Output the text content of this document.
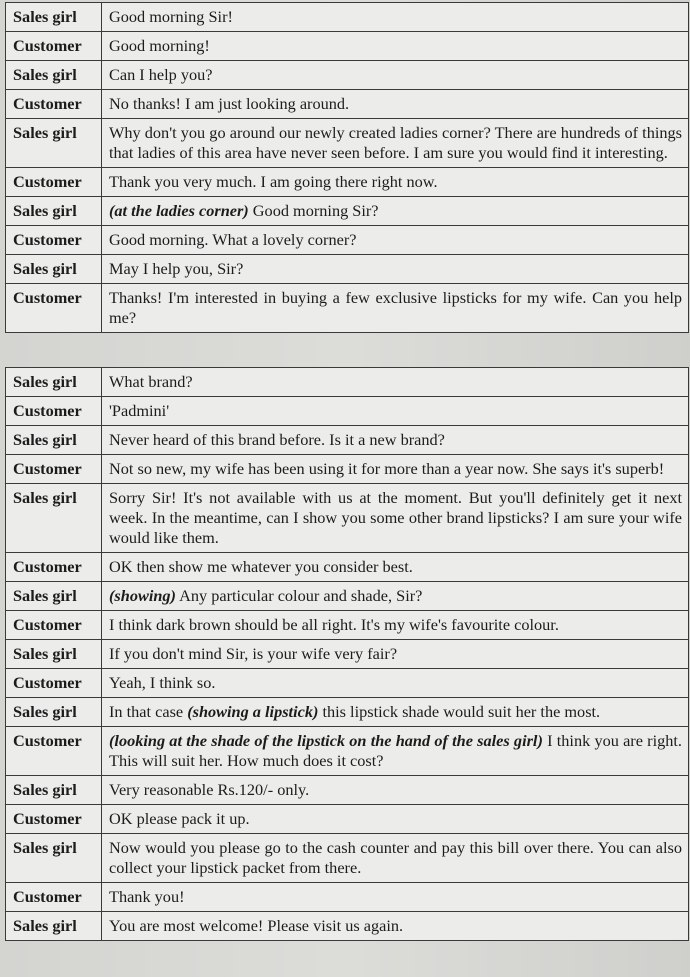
Sales girl	Good morning Sir!
Customer	Good morning!
Sales girl	Can I help you?
Customer	No thanks! I am just looking around.
Sales girl	Why don't you go around our newly created ladies corner? There are hundreds of things that ladies of this area have never seen before. I am sure you would find it interesting.
Customer	Thank you very much. I am going there right now.
Sales girl	(at the ladies corner) Good morning Sir?
Customer	Good morning. What a lovely corner?
Sales girl	May I help you, Sir?
Customer	Thanks! I'm interested in buying a few exclusive lipsticks for my wife. Can you help me?
Sales girl	What brand?
Customer	'Padmini'
Sales girl	Never heard of this brand before. Is it a new brand?
Customer	Not so new, my wife has been using it for more than a year now. She says it's superb!
Sales girl	Sorry Sir! It's not available with us at the moment. But you'll definitely get it next week. In the meantime, can I show you some other brand lipsticks? I am sure your wife would like them.
Customer	OK then show me whatever you consider best.
Sales girl	(showing) Any particular colour and shade, Sir?
Customer	I think dark brown should be all right. It's my wife's favourite colour.
Sales girl	If you don't mind Sir, is your wife very fair?
Customer	Yeah, I think so.
Sales girl	In that case (showing a lipstick) this lipstick shade would suit her the most.
Customer	(looking at the shade of the lipstick on the hand of the sales girl) I think you are right. This will suit her. How much does it cost?
Sales girl	Very reasonable Rs.120/- only.
Customer	OK please pack it up.
Sales girl	Now would you please go to the cash counter and pay this bill over there. You can also collect your lipstick packet from there.
Customer	Thank you!
Sales girl	You are most welcome! Please visit us again.
